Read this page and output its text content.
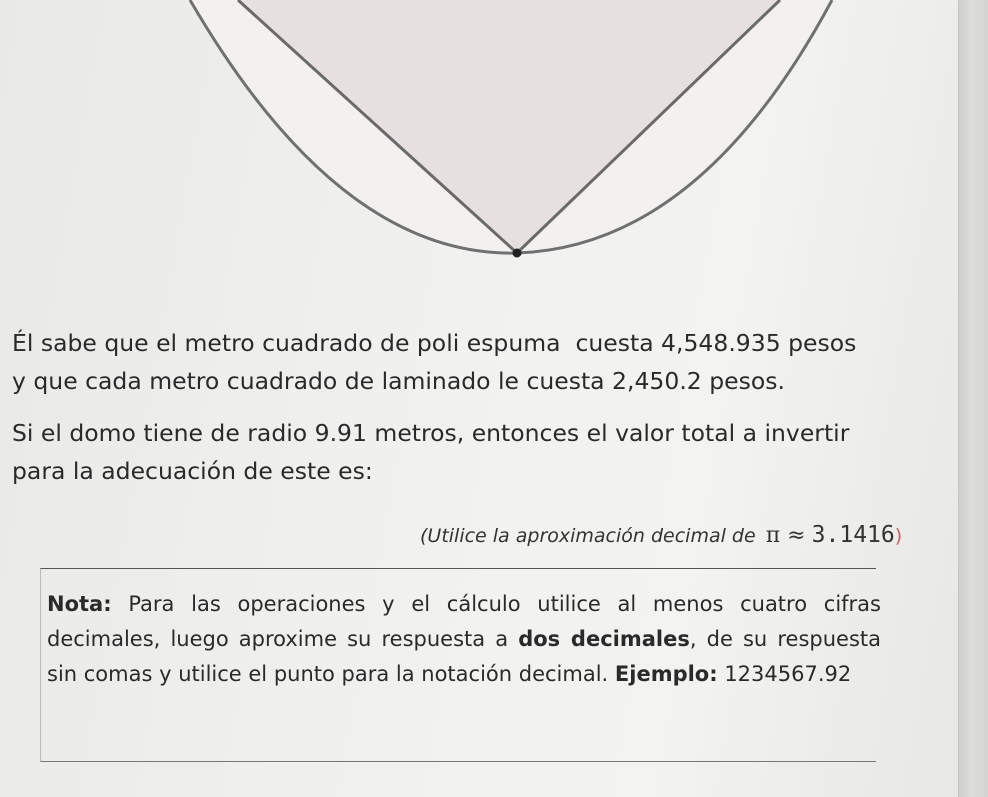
Él sabe que el metro cuadrado de poli espuma  cuesta 4,548.935 pesos
y que cada metro cuadrado de laminado le cuesta 2,450.2 pesos.

Si el domo tiene de radio 9.91 metros, entonces el valor total a invertir
para la adecuación de este es:

(Utilice la aproximación decimal de π ≈ 3.1416)

Nota: Para las operaciones y el cálculo utilice al menos cuatro cifras decimales, luego aproxime su respuesta a dos decimales, de su respuesta sin comas y utilice el punto para la notación decimal. Ejemplo: 1234567.92
